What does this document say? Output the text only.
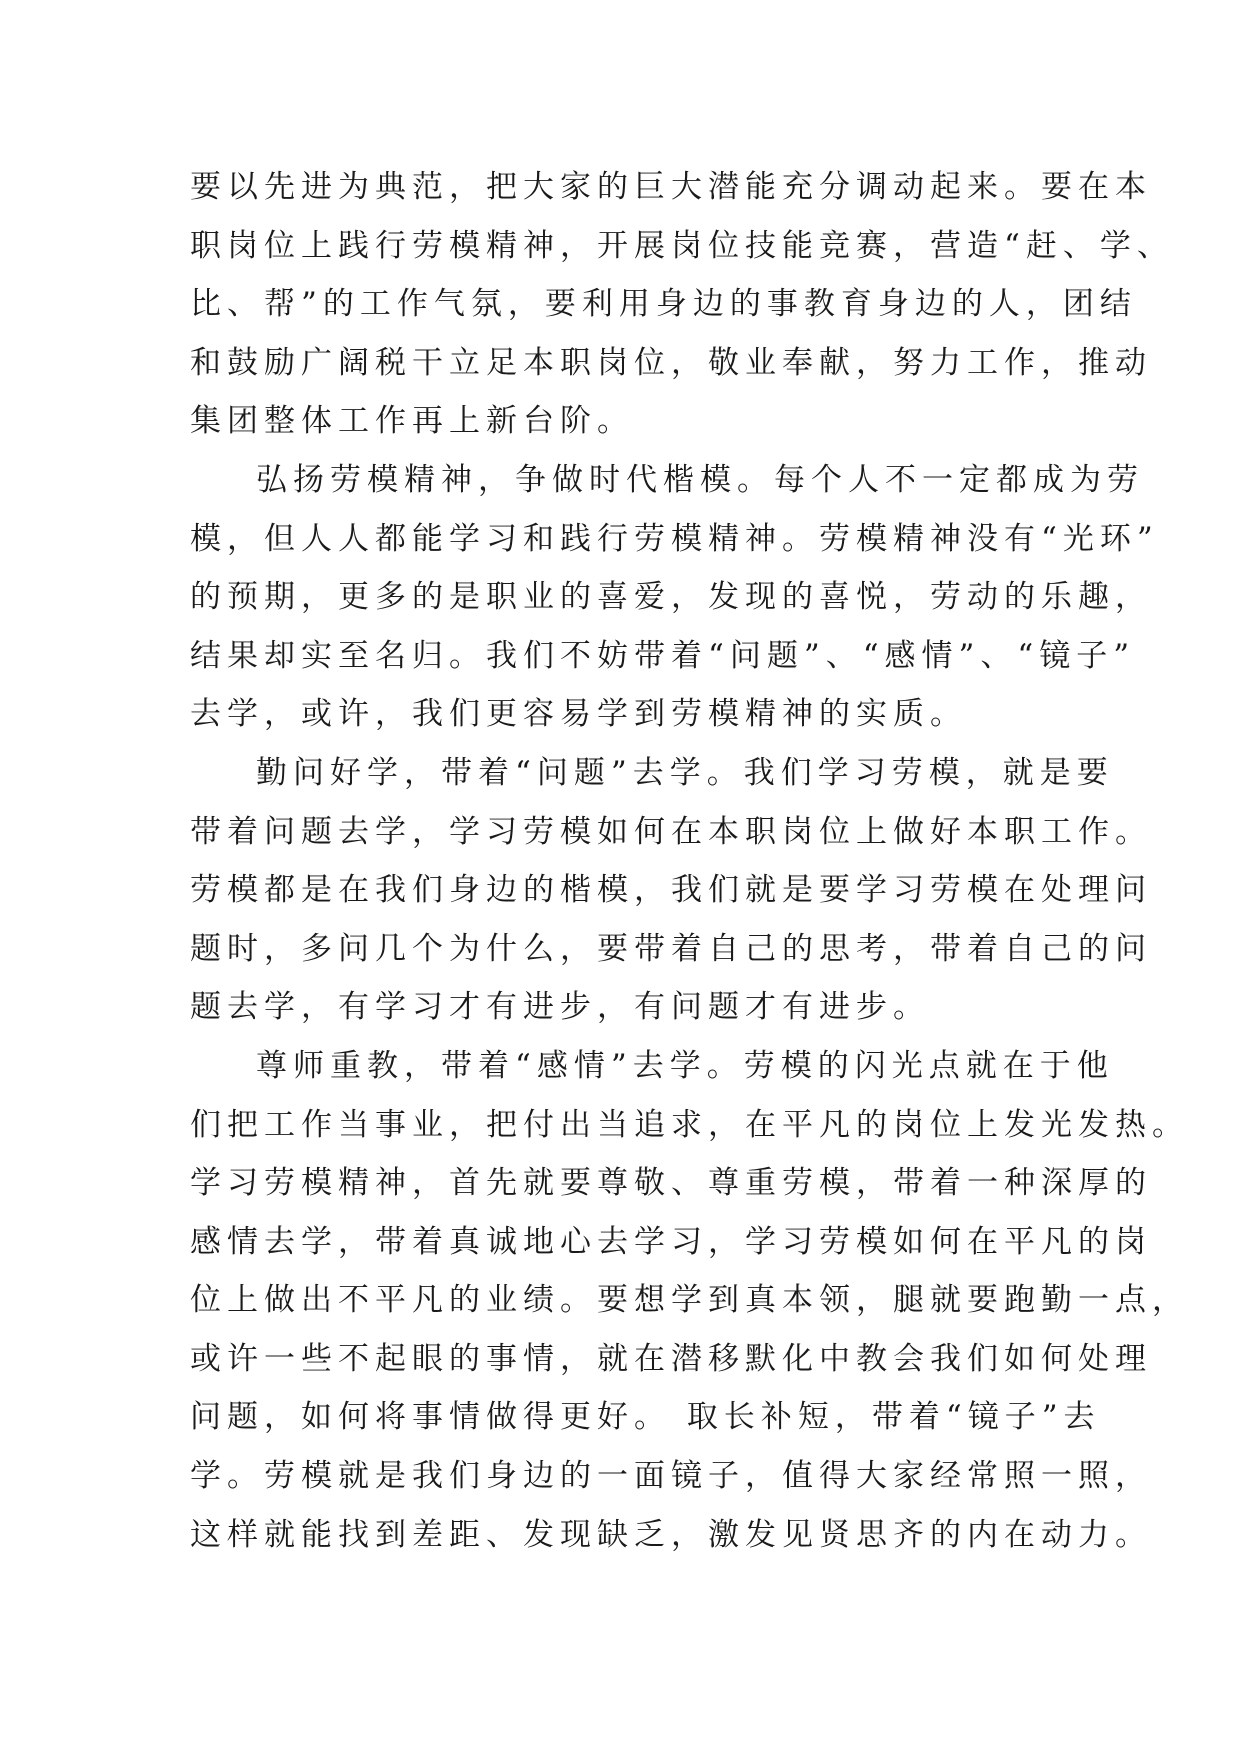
要以先进为典范，把大家的巨大潜能充分调动起来。要在本
职岗位上践行劳模精神，开展岗位技能竞赛，营造“赶、学、
比、帮”的工作气氛，要利用身边的事教育身边的人，团结
和鼓励广阔税干立足本职岗位，敬业奉献，努力工作，推动
集团整体工作再上新台阶。
弘扬劳模精神，争做时代楷模。每个人不一定都成为劳
模，但人人都能学习和践行劳模精神。劳模精神没有“光环”
的预期，更多的是职业的喜爱，发现的喜悦，劳动的乐趣，
结果却实至名归。我们不妨带着“问题”、“感情”、“镜子”
去学，或许，我们更容易学到劳模精神的实质。
勤问好学，带着“问题”去学。我们学习劳模，就是要
带着问题去学，学习劳模如何在本职岗位上做好本职工作。
劳模都是在我们身边的楷模，我们就是要学习劳模在处理问
题时，多问几个为什么，要带着自己的思考，带着自己的问
题去学，有学习才有进步，有问题才有进步。
尊师重教，带着“感情”去学。劳模的闪光点就在于他
们把工作当事业，把付出当追求，在平凡的岗位上发光发热。
学习劳模精神，首先就要尊敬、尊重劳模，带着一种深厚的
感情去学，带着真诚地心去学习，学习劳模如何在平凡的岗
位上做出不平凡的业绩。要想学到真本领，腿就要跑勤一点，
或许一些不起眼的事情，就在潜移默化中教会我们如何处理
问题，如何将事情做得更好。 取长补短，带着“镜子”去
学。劳模就是我们身边的一面镜子，值得大家经常照一照，
这样就能找到差距、发现缺乏，激发见贤思齐的内在动力。
